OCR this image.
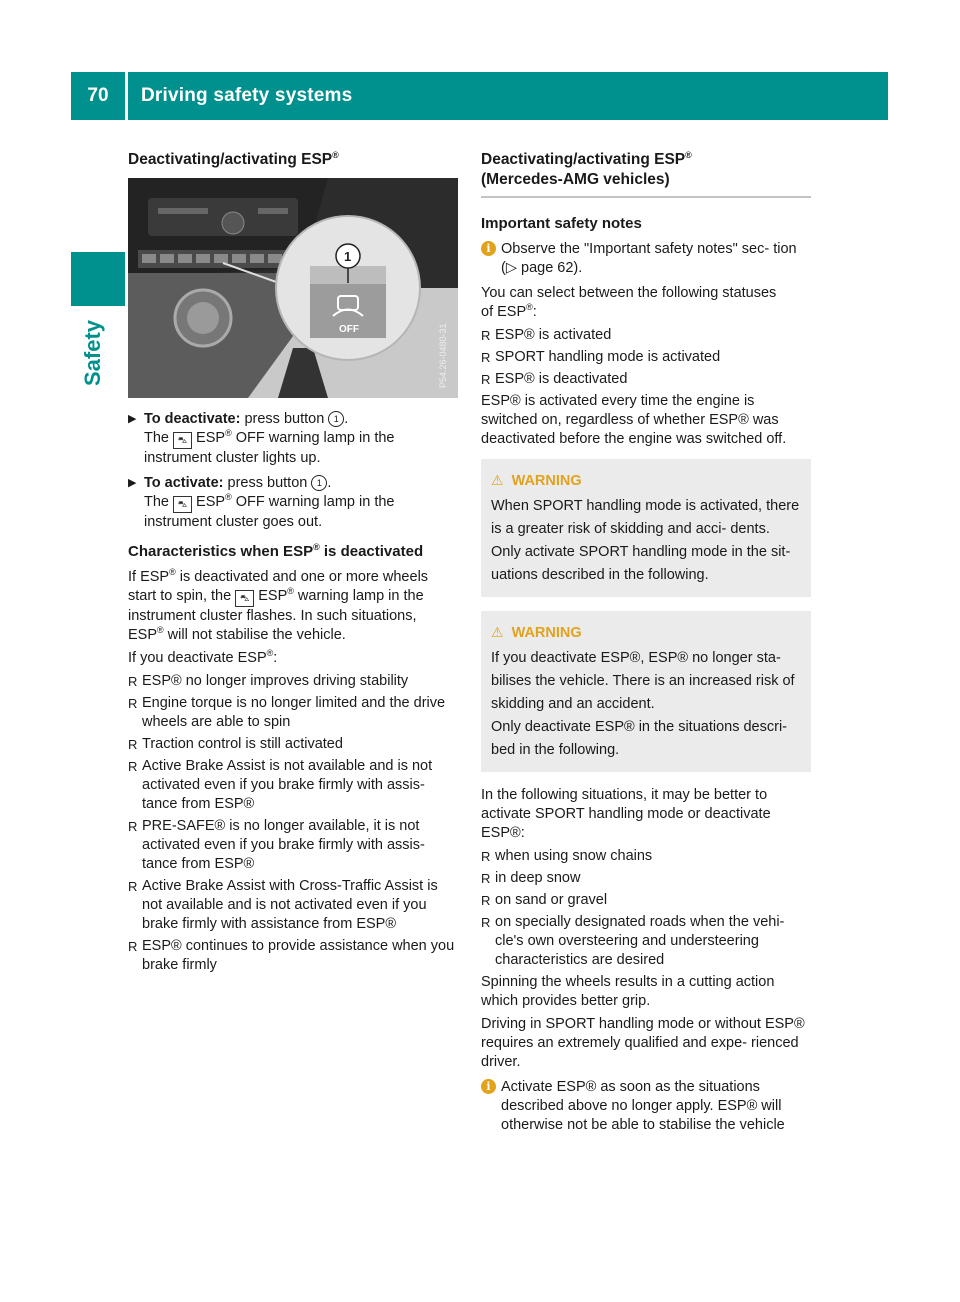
70	Driving safety systems
Safety
Deactivating/activating ESP®
OFF
1
P54.26-0480-31
▶ To deactivate: press button 1 .
The ⛍ ESP® OFF warning lamp in the
instrument cluster lights up.
▶ To activate: press button 1 .
The ⛍ ESP® OFF warning lamp in the
instrument cluster goes out.
Characteristics when ESP® is deactivated

If ESP® is deactivated and one or more wheels
start to spin, the ⛍ ESP® warning lamp in the
instrument cluster flashes. In such situations,
ESP® will not stabilise the vehicle.

If you deactivate ESP®:

R ESP® no longer improves driving stability
R Engine torque is no longer limited and the drive wheels are able to spin
R Traction control is still activated
R Active Brake Assist is not available and is not activated even if you brake firmly with assis- tance from ESP®
R PRE-SAFE® is no longer available, it is not activated even if you brake firmly with assis- tance from ESP®
R Active Brake Assist with Cross-Traffic Assist is not available and is not activated even if you brake firmly with assistance from ESP®
R ESP® continues to provide assistance when you brake firmly
Deactivating/activating ESP®
(Mercedes-AMG vehicles)
Important safety notes
i Observe the "Important safety notes" sec- tion (▷ page 62).

You can select between the following statuses
of ESP®:

R ESP® is activated
R SPORT handling mode is activated
R ESP® is deactivated

ESP® is activated every time the engine is switched on, regardless of whether ESP® was deactivated before the engine was switched off.

⚠ WARNING
When SPORT handling mode is activated, there is a greater risk of skidding and acci- dents.
Only activate SPORT handling mode in the sit- uations described in the following.
⚠ WARNING
If you deactivate ESP®, ESP® no longer sta- bilises the vehicle. There is an increased risk of skidding and an accident.
Only deactivate ESP® in the situations descri- bed in the following.

In the following situations, it may be better to activate SPORT handling mode or deactivate ESP®:

R when using snow chains
R in deep snow
R on sand or gravel
R on specially designated roads when the vehi- cle's own oversteering and understeering characteristics are desired

Spinning the wheels results in a cutting action which provides better grip.

Driving in SPORT handling mode or without ESP® requires an extremely qualified and expe- rienced driver.

i Activate ESP® as soon as the situations described above no longer apply. ESP® will otherwise not be able to stabilise the vehicle
